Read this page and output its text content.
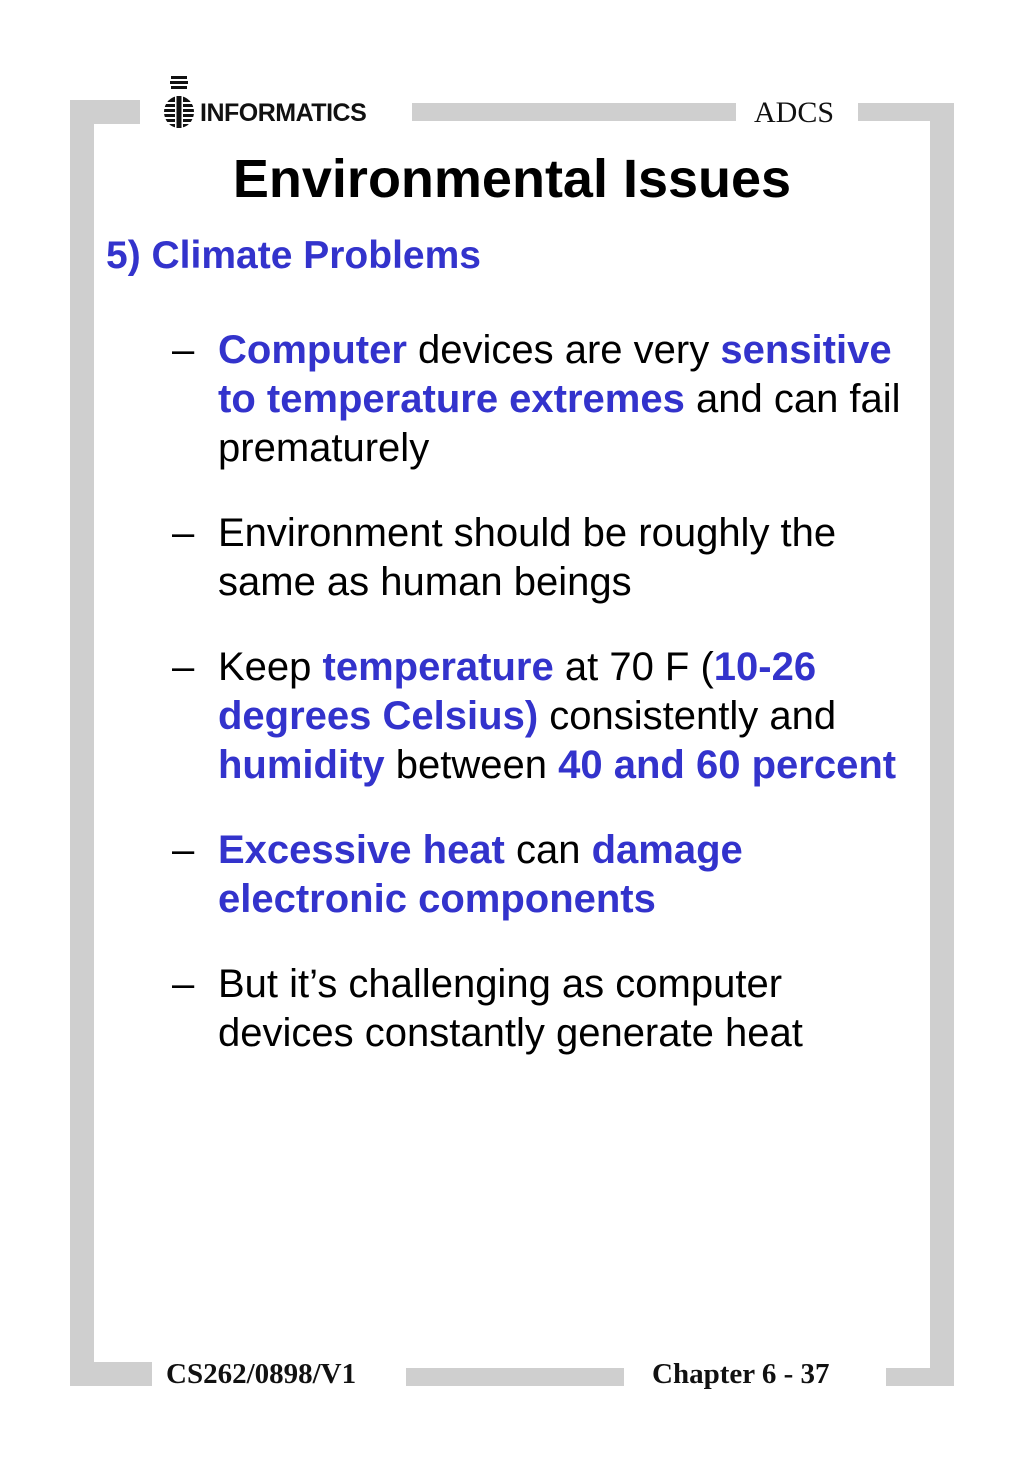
INFORMATICS	ADCS
Environmental Issues
5) Climate Problems
– Computer devices are very sensitive to temperature extremes and can fail prematurely
– Environment should be roughly the same as human beings
– Keep temperature at 70 F (10-26 degrees Celsius) consistently and humidity between 40 and 60 percent
– Excessive heat can damage electronic components
– But it’s challenging as computer devices constantly generate heat
CS262/0898/V1	Chapter 6 - 37
